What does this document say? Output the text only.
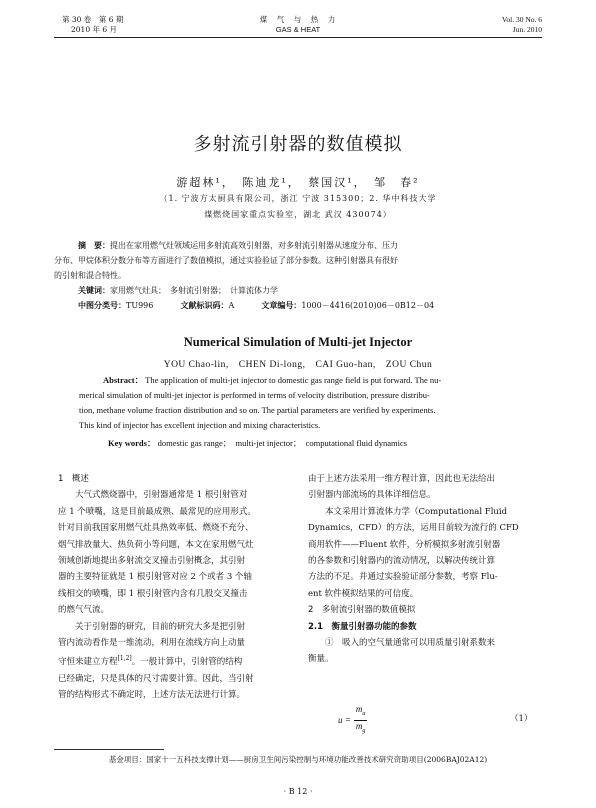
第 30 卷　第 6 期
2010 年 6 月
煤　气　与　热　力
GAS & HEAT
Vol. 30 No. 6
Jun. 2010
多射流引射器的数值模拟
游超林¹，　陈迪龙¹，　蔡国汉¹，　邹　春²
（1. 宁波方太厨具有限公司，浙江 宁波 315300；2. 华中科技大学
煤燃烧国家重点实验室，湖北 武汉 430074）
摘　要：提出在家用燃气灶领域运用多射流高效引射器，对多射流引射器从速度分布、压力
分布、甲烷体积分数分布等方面进行了数值模拟，通过实验验证了部分参数。这种引射器具有很好
的引射和混合特性。
关键词：家用燃气灶具；　多射流引射器；　计算流体力学
中图分类号：TU996	文献标识码：A	文章编号：1000－4416(2010)06－0B12－04
Numerical Simulation of Multi-jet Injector
YOU Chao-lin,　CHEN Di-long,　CAI Guo-han,　ZOU Chun
Abstract： The application of multi-jet injector to domestic gas range field is put forward. The nu-
merical simulation of multi-jet injector is performed in terms of velocity distribution, pressure distribu-
tion, methane volume fraction distribution and so on. The partial parameters are verified by experiments.
This kind of injector has excellent injection and mixing characteristics.
Key words： domestic gas range；　multi-jet injector；　computational fluid dynamics

1　概述

大气式燃烧器中，引射器通常是 1 根引射管对

应 1 个喷嘴，这是目前最成熟、最常见的应用形式。

针对目前我国家用燃气灶具热效率低、燃烧不充分、

烟气排放量大、热负荷小等问题，本文在家用燃气灶

领域创新地提出多射流交叉撞击引射概念，其引射

器的主要特征就是 1 根引射管对应 2 个或者 3 个轴

线相交的喷嘴，即 1 根引射管内含有几股交叉撞击

的燃气气流。

关于引射器的研究，目前的研究大多是把引射

管内流动看作是一维流动，利用在流线方向上动量

守恒来建立方程[1,2]。一般计算中，引射管的结构

已经确定，只是具体的尺寸需要计算。因此，当引射

管的结构形式不确定时，上述方法无法进行计算。

由于上述方法采用一维方程计算，因此也无法给出

引射器内部流场的具体详细信息。

本文采用计算流体力学（Computational Fluid

Dynamics，CFD）的方法，运用目前较为流行的 CFD

商用软件——Fluent 软件，分析模拟多射流引射器

的各参数和引射器内的流动情况，以解决传统计算

方法的不足。并通过实验验证部分参数，考察 Flu-

ent 软件模拟结果的可信度。

2　多射流引射器的数值模拟

2.1　衡量引射器功能的参数

①　吸入的空气量通常可以用质量引射系数来

衡量。

$u = \frac{m_a}{m_g}$	（1）
基金项目：国家十一五科技支撑计划——厨房卫生间污染控制与环境功能改善技术研究资助项目(2006BAJ02A12)
· B 12 ·
